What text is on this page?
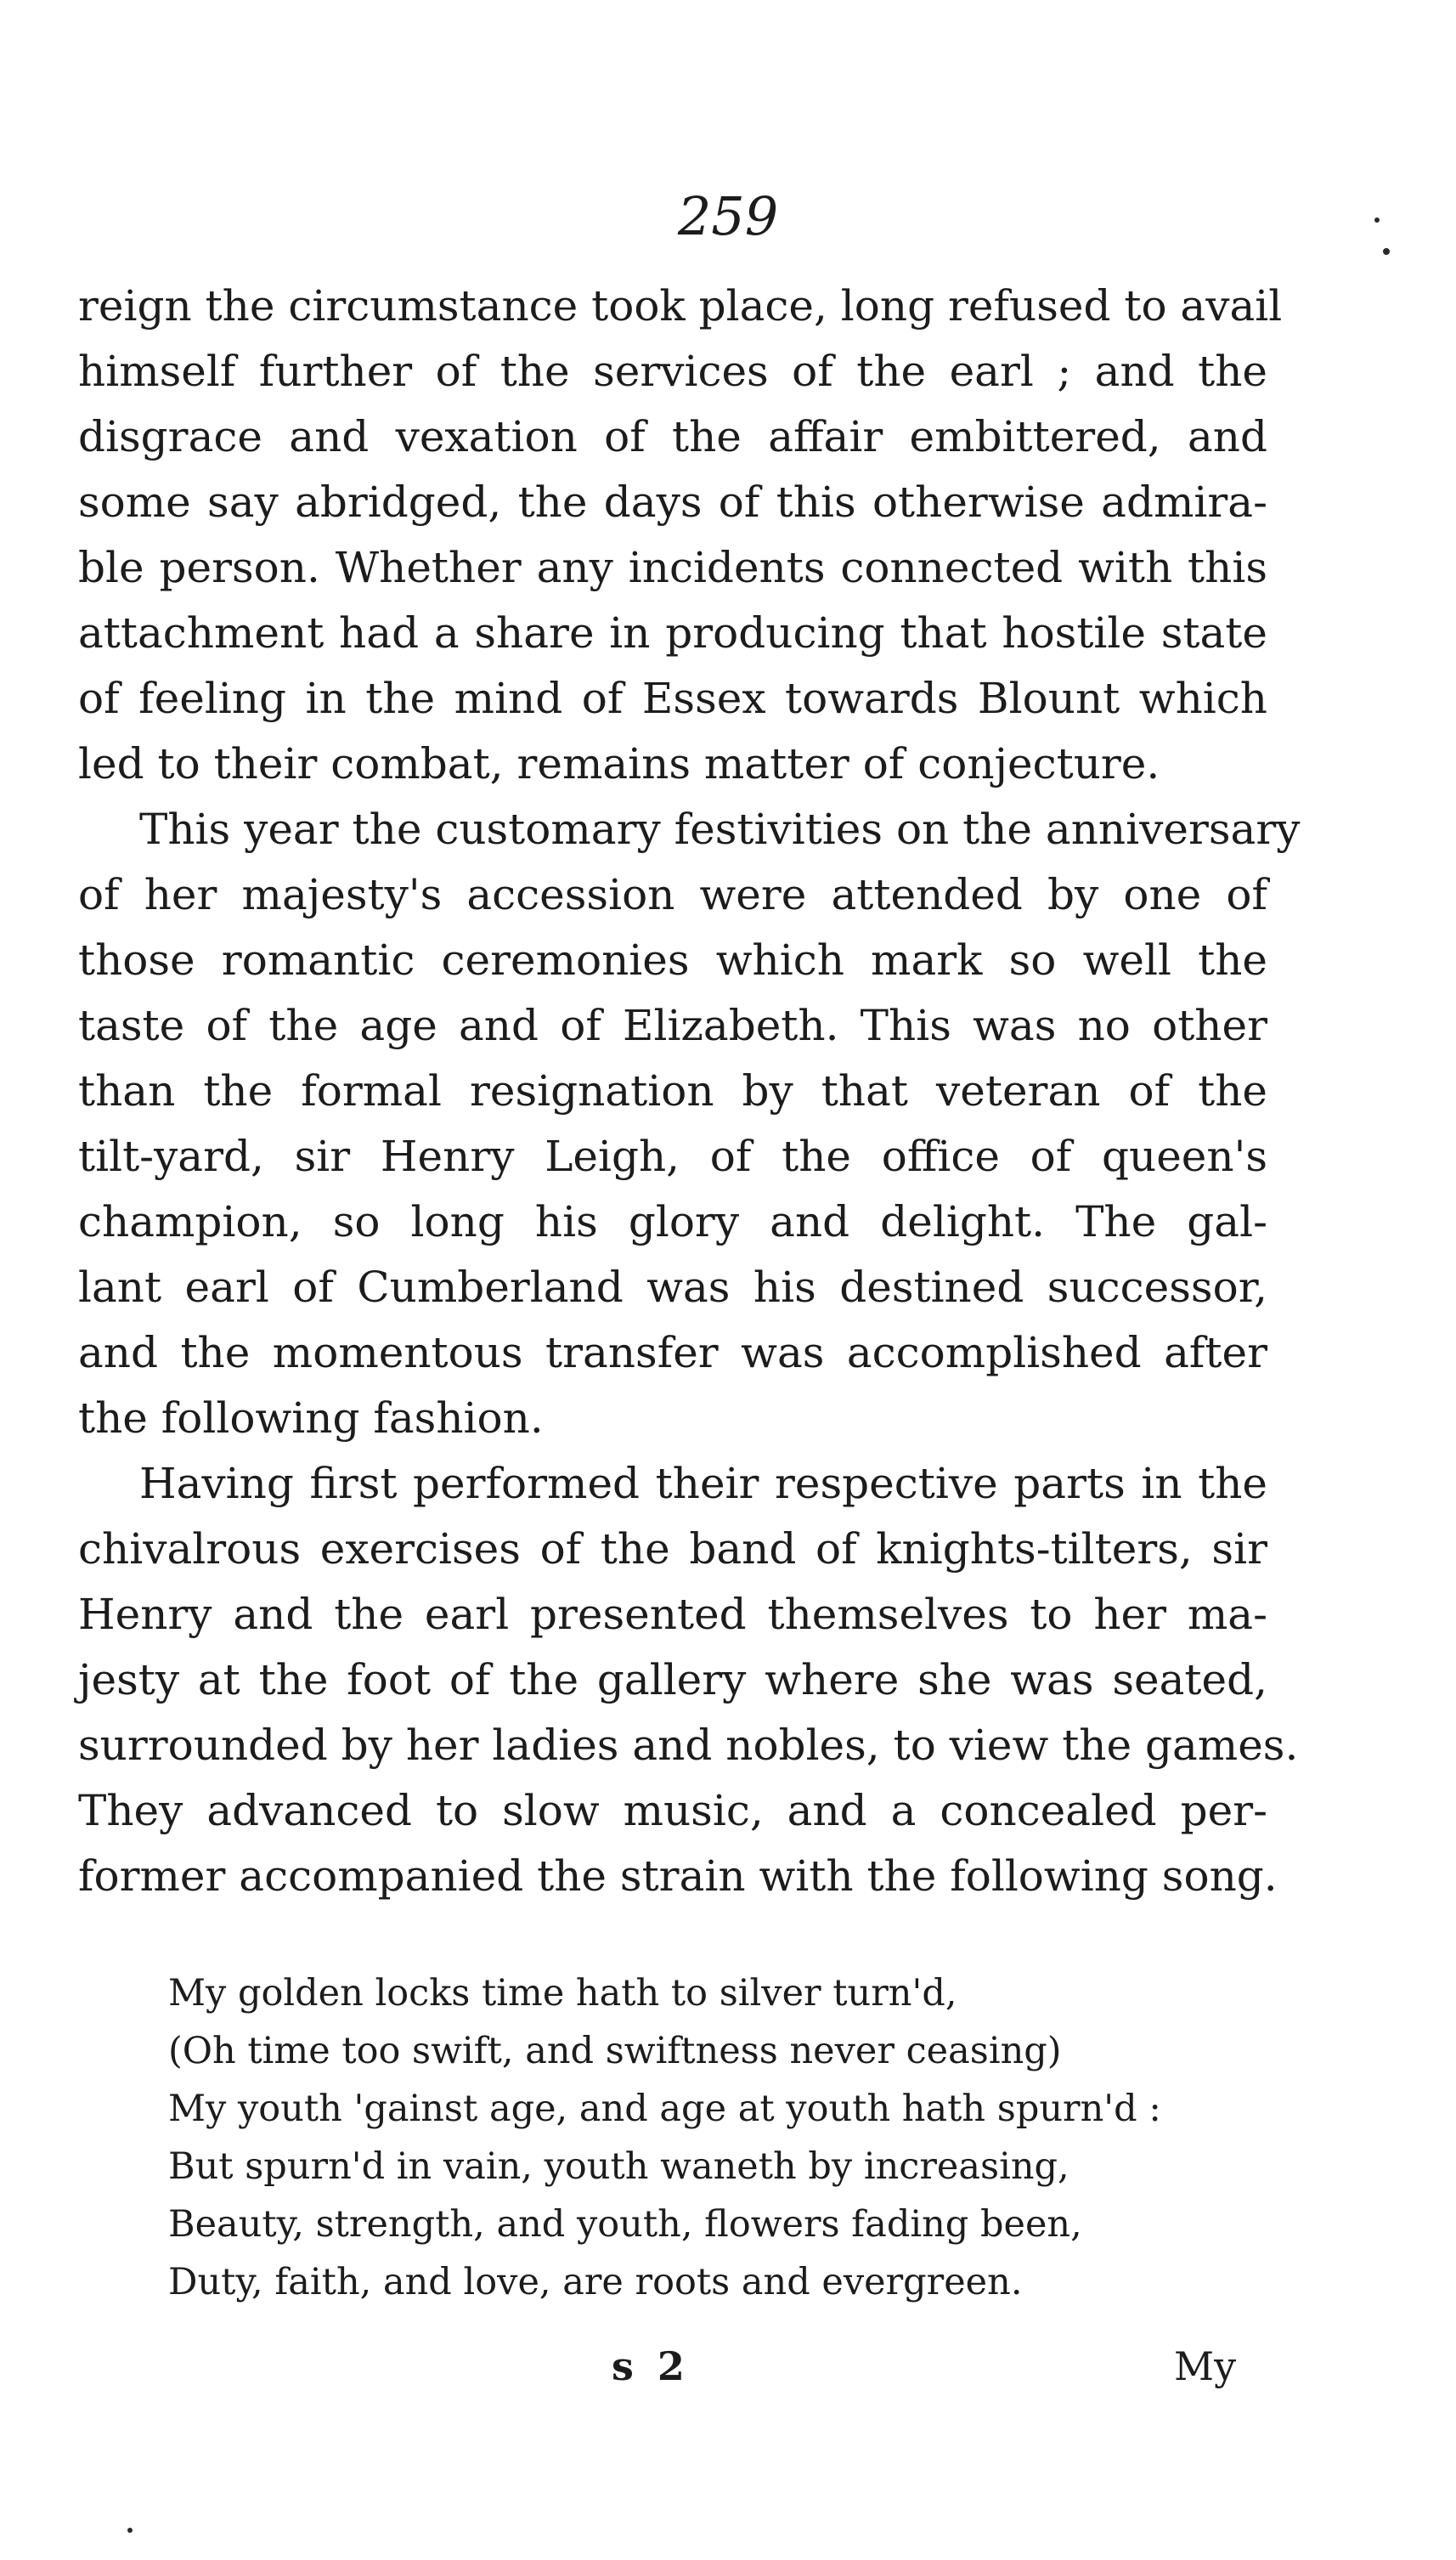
259
reign the circumstance took place, long refused to avail
himself further of the services of the earl ; and the
disgrace and vexation of the affair embittered, and
some say abridged, the days of this otherwise admira-
ble person. Whether any incidents connected with this
attachment had a share in producing that hostile state
of feeling in the mind of Essex towards Blount which
led to their combat, remains matter of conjecture.
This year the customary festivities on the anniversary
of her majesty's accession were attended by one of
those romantic ceremonies which mark so well the
taste of the age and of Elizabeth. This was no other
than the formal resignation by that veteran of the
tilt-yard, sir Henry Leigh, of the office of queen's
champion, so long his glory and delight. The gal-
lant earl of Cumberland was his destined successor,
and the momentous transfer was accomplished after
the following fashion.
Having first performed their respective parts in the
chivalrous exercises of the band of knights-tilters, sir
Henry and the earl presented themselves to her ma-
jesty at the foot of the gallery where she was seated,
surrounded by her ladies and nobles, to view the games.
They advanced to slow music, and a concealed per-
former accompanied the strain with the following song.
My golden locks time hath to silver turn'd,
(Oh time too swift, and swiftness never ceasing)
My youth 'gainst age, and age at youth hath spurn'd :
But spurn'd in vain, youth waneth by increasing,
Beauty, strength, and youth, flowers fading been,
Duty, faith, and love, are roots and evergreen.
s 2	My
